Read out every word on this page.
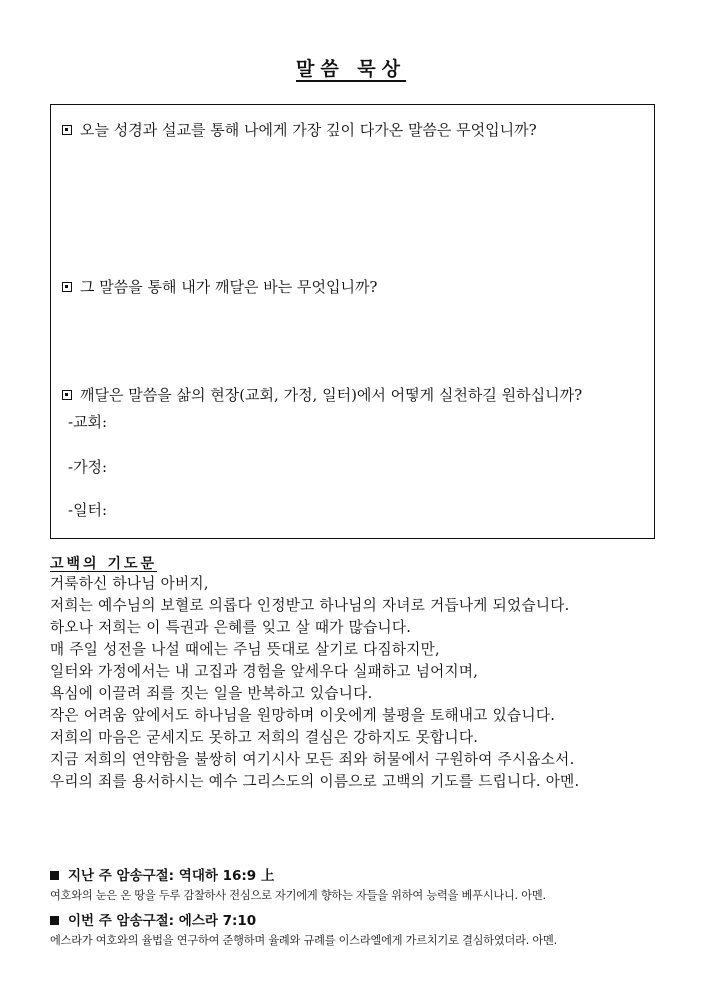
말씀 묵상
오늘 성경과 설교를 통해 나에게 가장 깊이 다가온 말씀은 무엇입니까?
그 말씀을 통해 내가 깨달은 바는 무엇입니까?
깨달은 말씀을 삶의 현장(교회, 가정, 일터)에서 어떻게 실천하길 원하십니까?
-교회:
-가정:
-일터:
고백의 기도문
거룩하신 하나님 아버지,
저희는 예수님의 보혈로 의롭다 인정받고 하나님의 자녀로 거듭나게 되었습니다.
하오나 저희는 이 특권과 은혜를 잊고 살 때가 많습니다.
매 주일 성전을 나설 때에는 주님 뜻대로 살기로 다짐하지만,
일터와 가정에서는 내 고집과 경험을 앞세우다 실패하고 넘어지며,
욕심에 이끌려 죄를 짓는 일을 반복하고 있습니다.
작은 어려움 앞에서도 하나님을 원망하며 이웃에게 불평을 토해내고 있습니다.
저희의 마음은 굳세지도 못하고 저희의 결심은 강하지도 못합니다.
지금 저희의 연약함을 불쌍히 여기시사 모든 죄와 허물에서 구원하여 주시옵소서.
우리의 죄를 용서하시는 예수 그리스도의 이름으로 고백의 기도를 드립니다. 아멘.
지난 주 암송구절: 역대하 16:9 上
여호와의 눈은 온 땅을 두루 감찰하사 전심으로 자기에게 향하는 자들을 위하여 능력을 베푸시나니. 아멘.
이번 주 암송구절: 에스라 7:10
에스라가 여호와의 율법을 연구하여 준행하며 율례와 규례를 이스라엘에게 가르치기로 결심하였더라. 아멘.
